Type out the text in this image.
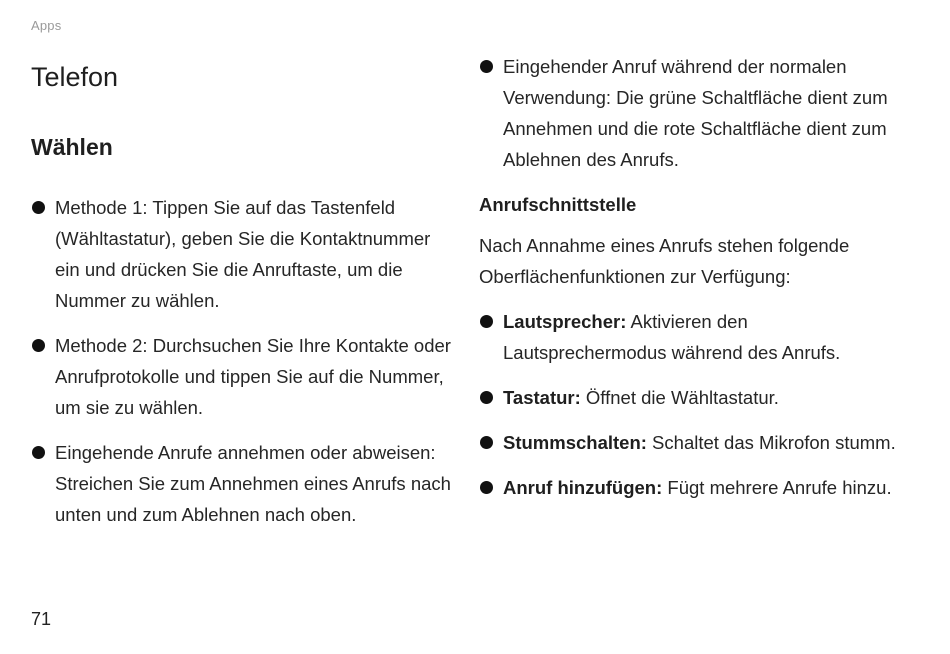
Apps
Telefon
Wählen
Methode 1: Tippen Sie auf das Tastenfeld (Wähltastatur), geben Sie die Kontaktnummer ein und drücken Sie die Anruftaste, um die Nummer zu wählen.
Methode 2: Durchsuchen Sie Ihre Kontakte oder Anrufprotokolle und tippen Sie auf die Nummer, um sie zu wählen.
Eingehende Anrufe annehmen oder abweisen: Streichen Sie zum Annehmen eines Anrufs nach unten und zum Ablehnen nach oben.
Eingehender Anruf während der normalen Verwendung: Die grüne Schaltfläche dient zum Annehmen und die rote Schaltfläche dient zum Ablehnen des Anrufs.
Anrufschnittstelle

Nach Annahme eines Anrufs stehen folgende Oberflächenfunktionen zur Verfügung:

Lautsprecher: Aktivieren den Lautsprechermodus während des Anrufs.
Tastatur: Öffnet die Wähltastatur.
Stummschalten: Schaltet das Mikrofon stumm.
Anruf hinzufügen: Fügt mehrere Anrufe hinzu.
71
